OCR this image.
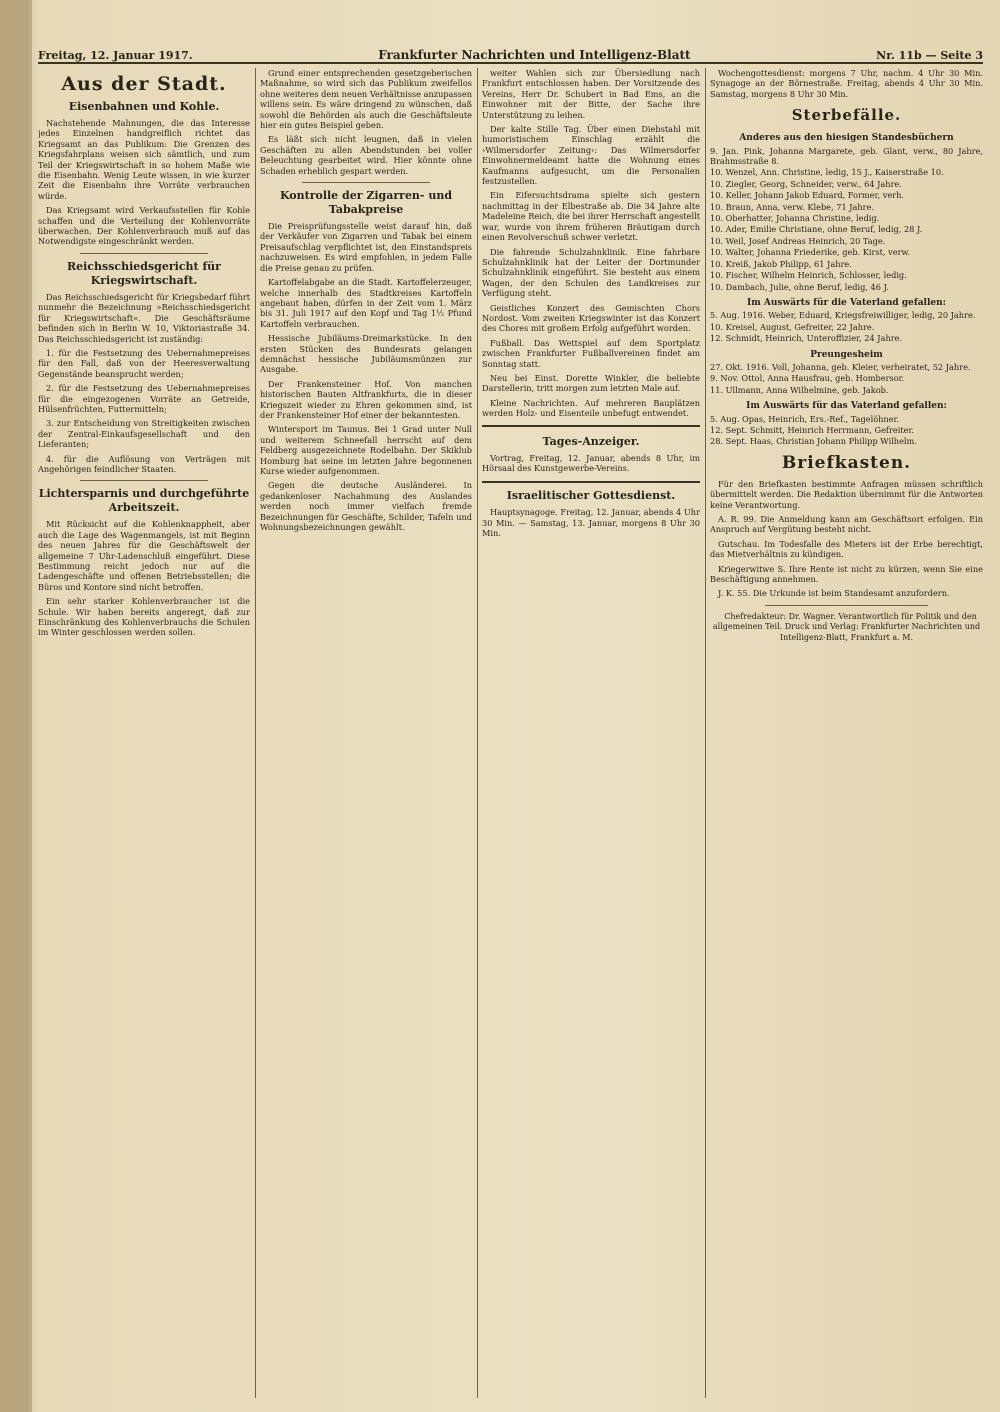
Freitag, 12. Januar 1917.	Frankfurter Nachrichten und Intelligenz-Blatt	Nr. 11b — Seite 3
Aus der Stadt.
Eisenbahnen und Kohle.

Nachstehende Mahnungen, die das Interesse jedes Einzelnen handgreiflich richtet das Kriegsamt an das Publikum: Die Grenzen des Kriegsfahrplans weisen sich sämtlich, und zum Teil der Kriegswirtschaft in so hohem Maße wie die Eisenbahn. Wenig Leute wissen, in wie kurzer Zeit die Eisenbahn ihre Vorräte verbrauchen würde.

Das Kriegsamt wird Verkaufsstellen für Kohle schaffen und die Verteilung der Kohlenvorräte überwachen. Der Kohlenverbrauch muß auf das Notwendigste eingeschränkt werden.

Reichsschiedsgericht für Kriegswirtschaft.

Das Reichsschiedsgericht für Kriegsbedarf führt nunmehr die Bezeichnung »Reichsschiedsgericht für Kriegswirtschaft«. Die Geschäftsräume befinden sich in Berlin W. 10, Viktoriastraße 34. Das Reichsschiedsgericht ist zuständig:

1. für die Festsetzung des Uebernahmepreises für den Fall, daß von der Heeresverwaltung Gegenstände beansprucht werden;

2. für die Festsetzung des Uebernahmepreises für die eingezogenen Vorräte an Getreide, Hülsenfrüchten, Futtermitteln;

3. zur Entscheidung von Streitigkeiten zwischen der Zentral-Einkaufsgesellschaft und den Lieferanten;

4. für die Auflösung von Verträgen mit Angehörigen feindlicher Staaten.

Lichtersparnis und durchgeführte Arbeitszeit.

Mit Rücksicht auf die Kohlenknappheit, aber auch die Lage des Wagenmangels, ist mit Beginn des neuen Jahres für die Geschäftswelt der allgemeine 7 Uhr-Ladenschluß eingeführt. Diese Bestimmung reicht jedoch nur auf die Ladengeschäfte und offenen Betriebsstellen; die Büros und Kontore sind nicht betroffen.

Ein sehr starker Kohlenverbraucher ist die Schule. Wir haben bereits angeregt, daß zur Einschränkung des Kohlenverbrauchs die Schulen im Winter geschlossen werden sollen.

Grund einer entsprechenden gesetzgeberischen Maßnahme, so wird sich das Publikum zweifellos ohne weiteres dem neuen Verhältnisse anzupassen willens sein. Es wäre dringend zu wünschen, daß sowohl die Behörden als auch die Geschäftsleute hier ein gutes Beispiel geben.

Es läßt sich nicht leugnen, daß in vielen Geschäften zu allen Abendstunden bei voller Beleuchtung gearbeitet wird. Hier könnte ohne Schaden erheblich gespart werden.

Kontrolle der Zigarren- und Tabakpreise

Die Preisprüfungsstelle weist darauf hin, daß der Verkäufer von Zigarren und Tabak bei einem Preisaufschlag verpflichtet ist, den Einstandspreis nachzuweisen. Es wird empfohlen, in jedem Falle die Preise genau zu prüfen.

Kartoffelabgabe an die Stadt. Kartoffelerzeuger, welche innerhalb des Stadtkreises Kartoffeln angebaut haben, dürfen in der Zeit vom 1. März bis 31. Juli 1917 auf den Kopf und Tag 1½ Pfund Kartoffeln verbrauchen.

Hessische Jubiläums-Dreimarkstücke. In den ersten Stücken des Bundesrats gelangen demnächst hessische Jubiläumsmünzen zur Ausgabe.

Der Frankensteiner Hof. Von manchen historischen Bauten Altfrankfurts, die in dieser Kriegszeit wieder zu Ehren gekommen sind, ist der Frankensteiner Hof einer der bekanntesten.

Wintersport im Taunus. Bei 1 Grad unter Null und weiterem Schneefall herrscht auf dem Feldberg ausgezeichnete Rodelbahn. Der Skiklub Homburg hat seine im letzten Jahre begonnenen Kurse wieder aufgenommen.

Gegen die deutsche Ausländerei. In gedankenloser Nachahmung des Auslandes werden noch immer vielfach fremde Bezeichnungen für Geschäfte, Schilder, Tafeln und Wohnungsbezeichnungen gewählt.

weiter Wahlen sich zur Übersiedlung nach Frankfurt entschlossen haben. Der Vorsitzende des Vereins, Herr Dr. Schubert in Bad Ems, an die Einwohner mit der Bitte, der Sache ihre Unterstützung zu leihen.

Der kalte Stille Tag. Über einen Diebstahl mit humoristischem Einschlag erzählt die ›Wilmersdorfer Zeitung‹: Das Wilmersdorfer Einwohnermeldeamt hatte die Wohnung eines Kaufmanns aufgesucht, um die Personalien festzustellen.

Ein Eifersuchtsdrama spielte sich gestern nachmittag in der Elbestraße ab. Die 34 Jahre alte Madeleine Reich, die bei ihrer Herrschaft angestellt war, wurde von ihrem früheren Bräutigam durch einen Revolverschuß schwer verletzt.

Die fahrende Schulzahnklinik. Eine fahrbare Schulzahnklinik hat der Leiter der Dortmunder Schulzahnklinik eingeführt. Sie besteht aus einem Wagen, der den Schulen des Landkreises zur Verfügung steht.

Geistliches Konzert des Gemischten Chors Nordost. Vom zweiten Kriegswinter ist das Konzert des Chores mit großem Erfolg aufgeführt worden.

Fußball. Das Wettspiel auf dem Sportplatz zwischen Frankfurter Fußballvereinen findet am Sonntag statt.

Neu bei Einst. Dorette Winkler, die beliebte Darstellerin, tritt morgen zum letzten Male auf.

Kleine Nachrichten. Auf mehreren Bauplätzen werden Holz- und Eisenteile unbefugt entwendet.

Tages-Anzeiger.

Vortrag, Freitag, 12. Januar, abends 8 Uhr, im Hörsaal des Kunstgewerbe-Vereins.

Israelitischer Gottesdienst.

Hauptsynagoge. Freitag, 12. Januar, abends 4 Uhr 30 Min. — Samstag, 13. Januar, morgens 8 Uhr 30 Min.

Wochengottesdienst: morgens 7 Uhr, nachm. 4 Uhr 30 Min. Synagoge an der Börnestraße. Freitag, abends 4 Uhr 30 Min. Samstag, morgens 8 Uhr 30 Min.

Sterbefälle.
Anderes aus den hiesigen Standesbüchern
9. Jan. Pink, Johanna Margarete, geb. Glant, verw., 80 Jahre, Brahmsstraße 8.
10. Wenzel, Ann. Christine, ledig, 15 J., Kaiserstraße 10.
10. Ziegler, Georg, Schneider, verw., 64 Jahre.
10. Keller, Johann Jakob Eduard, Former, verh.
10. Braun, Anna, verw. Klebe, 71 Jahre.
10. Oberhatter, Johanna Christine, ledig.
10. Ader, Emilie Christiane, ohne Beruf, ledig, 28 J.
10. Weil, Josef Andreas Heinrich, 20 Tage.
10. Walter, Johanna Friederike, geb. Kirst, verw.
10. Kreiß, Jakob Philipp, 61 Jahre.
10. Fischer, Wilhelm Heinrich, Schlosser, ledig.
10. Dambach, Julie, ohne Beruf, ledig, 46 J.
Im Auswärts für die Vaterland gefallen:
5. Aug. 1916. Weber, Eduard, Kriegsfreiwilliger, ledig, 20 Jahre.
10. Kreisel, August, Gefreiter, 22 Jahre.
12. Schmidt, Heinrich, Unteroffizier, 24 Jahre.
Preungesheim
27. Okt. 1916. Voll, Johanna, geb. Kleier, verheiratet, 52 Jahre.
9. Nov. Ottol, Anna Hausfrau, geb. Hombersor.
11. Ullmann, Anna Wilhelmine, geb. Jakob.
Im Auswärts für das Vaterland gefallen:
5. Aug. Opas, Heinrich, Ers.-Ref., Tagelöhner.
12. Sept. Schmitt, Heinrich Herrmann, Gefreiter.
28. Sept. Haas, Christian Johann Philipp Wilhelm.
Briefkasten.

Für den Briefkasten bestimmte Anfragen müssen schriftlich übermittelt werden. Die Redaktion übernimmt für die Antworten keine Verantwortung.

A. R. 99. Die Anmeldung kann am Geschäftsort erfolgen. Ein Anspruch auf Vergütung besteht nicht.

Gutschau. Im Todesfalle des Mieters ist der Erbe berechtigt, das Mietverhältnis zu kündigen.

Kriegerwitwe S. Ihre Rente ist nicht zu kürzen, wenn Sie eine Beschäftigung annehmen.

J. K. 55. Die Urkunde ist beim Standesamt anzufordern.

Chefredakteur: Dr. Wagner. Verantwortlich für Politik und den allgemeinen Teil. Druck und Verlag: Frankfurter Nachrichten und Intelligenz-Blatt, Frankfurt a. M.
